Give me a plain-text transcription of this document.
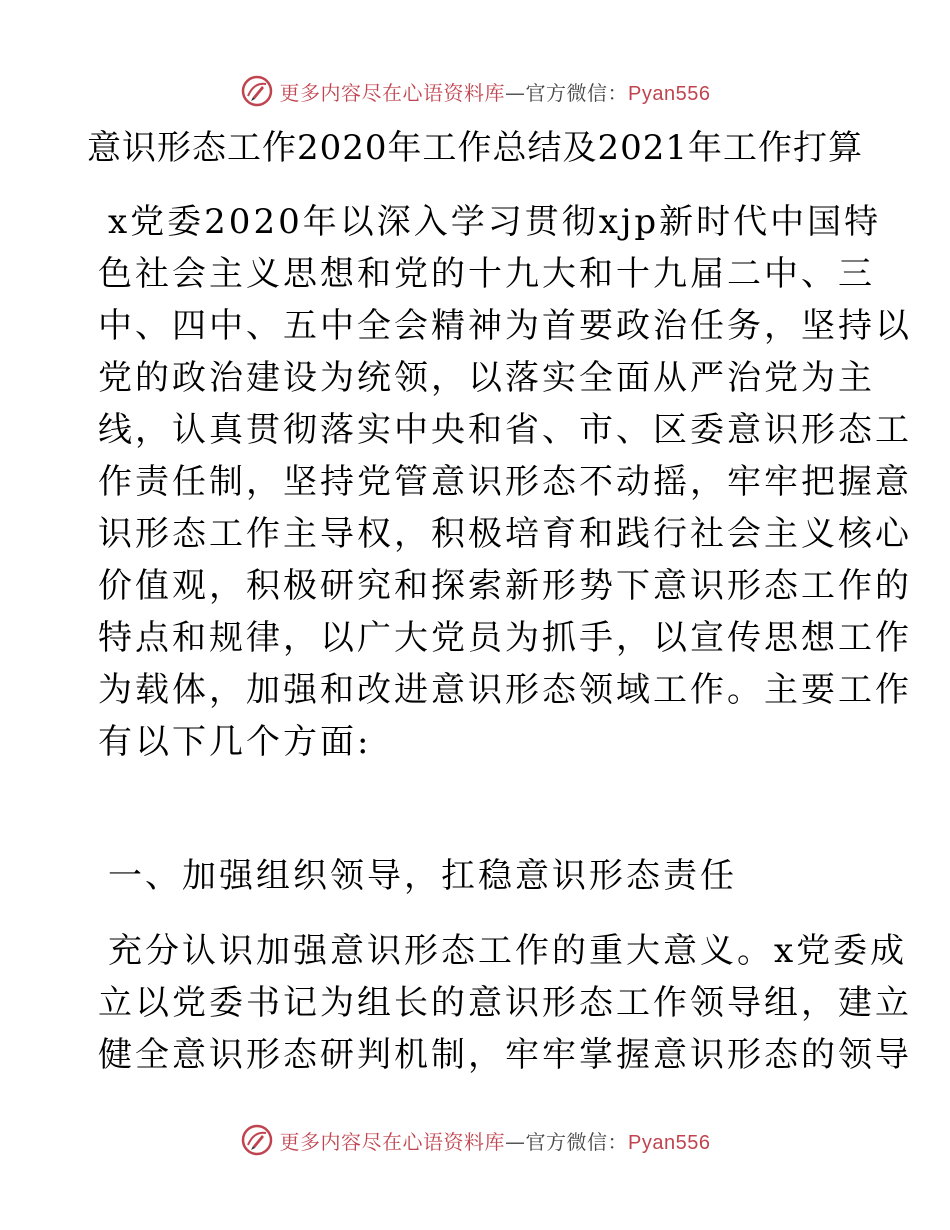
更多内容尽在心语资料库—官方微信：Pyan556
意识形态工作2020年工作总结及2021年工作打算
x党委2020年以深入学习贯彻xjp新时代中国特
色社会主义思想和党的十九大和十九届二中、三
中、四中、五中全会精神为首要政治任务，坚持以
党的政治建设为统领，以落实全面从严治党为主
线，认真贯彻落实中央和省、市、区委意识形态工
作责任制，坚持党管意识形态不动摇，牢牢把握意
识形态工作主导权，积极培育和践行社会主义核心
价值观，积极研究和探索新形势下意识形态工作的
特点和规律，以广大党员为抓手，以宣传思想工作
为载体，加强和改进意识形态领域工作。主要工作
有以下几个方面:
一、加强组织领导，扛稳意识形态责任
充分认识加强意识形态工作的重大意义。x党委成
立以党委书记为组长的意识形态工作领导组，建立
健全意识形态研判机制，牢牢掌握意识形态的领导
更多内容尽在心语资料库—官方微信：Pyan556
